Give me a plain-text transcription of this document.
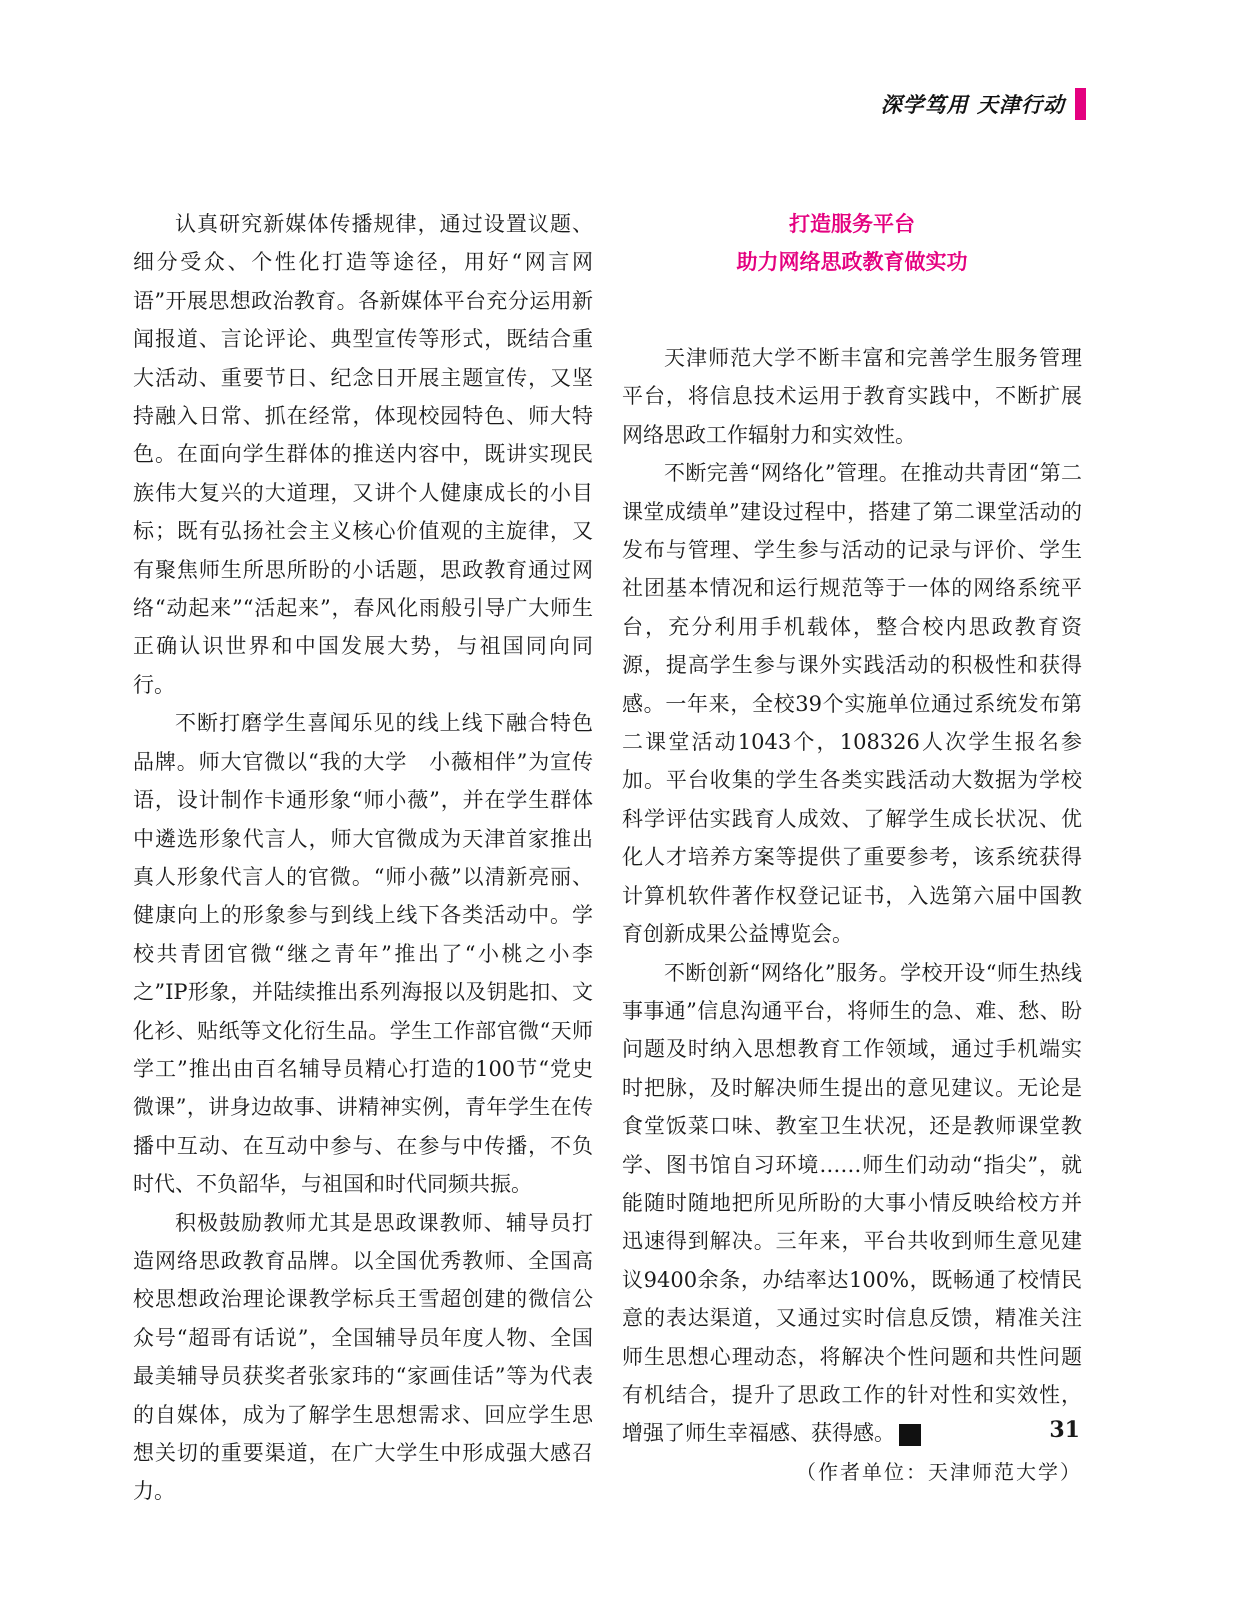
深学笃用 天津行动

认真研究新媒体传播规律，通过设置议题、细分受众、个性化打造等途径，用好“网言网语”开展思想政治教育。各新媒体平台充分运用新闻报道、言论评论、典型宣传等形式，既结合重大活动、重要节日、纪念日开展主题宣传，又坚持融入日常、抓在经常，体现校园特色、师大特色。在面向学生群体的推送内容中，既讲实现民族伟大复兴的大道理，又讲个人健康成长的小目标；既有弘扬社会主义核心价值观的主旋律，又有聚焦师生所思所盼的小话题，思政教育通过网络“动起来”“活起来”，春风化雨般引导广大师生正确认识世界和中国发展大势，与祖国同向同行。

不断打磨学生喜闻乐见的线上线下融合特色品牌。师大官微以“我的大学　小薇相伴”为宣传语，设计制作卡通形象“师小薇”，并在学生群体中遴选形象代言人，师大官微成为天津首家推出真人形象代言人的官微。“师小薇”以清新亮丽、健康向上的形象参与到线上线下各类活动中。学校共青团官微“继之青年”推出了“小桃之小李之”IP形象，并陆续推出系列海报以及钥匙扣、文化衫、贴纸等文化衍生品。学生工作部官微“天师学工”推出由百名辅导员精心打造的100节“党史微课”，讲身边故事、讲精神实例，青年学生在传播中互动、在互动中参与、在参与中传播，不负时代、不负韶华，与祖国和时代同频共振。

积极鼓励教师尤其是思政课教师、辅导员打造网络思政教育品牌。以全国优秀教师、全国高校思想政治理论课教学标兵王雪超创建的微信公众号“超哥有话说”，全国辅导员年度人物、全国最美辅导员获奖者张家玮的“家画佳话”等为代表的自媒体，成为了解学生思想需求、回应学生思想关切的重要渠道，在广大学生中形成强大感召力。

打造服务平台

助力网络思政教育做实功

天津师范大学不断丰富和完善学生服务管理平台，将信息技术运用于教育实践中，不断扩展网络思政工作辐射力和实效性。

不断完善“网络化”管理。在推动共青团“第二课堂成绩单”建设过程中，搭建了第二课堂活动的发布与管理、学生参与活动的记录与评价、学生社团基本情况和运行规范等于一体的网络系统平台，充分利用手机载体，整合校内思政教育资源，提高学生参与课外实践活动的积极性和获得感。一年来，全校39个实施单位通过系统发布第二课堂活动1043个，108326人次学生报名参加。平台收集的学生各类实践活动大数据为学校科学评估实践育人成效、了解学生成长状况、优化人才培养方案等提供了重要参考，该系统获得计算机软件著作权登记证书，入选第六届中国教育创新成果公益博览会。

不断创新“网络化”服务。学校开设“师生热线事事通”信息沟通平台，将师生的急、难、愁、盼问题及时纳入思想教育工作领域，通过手机端实时把脉，及时解决师生提出的意见建议。无论是食堂饭菜口味、教室卫生状况，还是教师课堂教学、图书馆自习环境……师生们动动“指尖”，就能随时随地把所见所盼的大事小情反映给校方并迅速得到解决。三年来，平台共收到师生意见建议9400余条，办结率达100%，既畅通了校情民意的表达渠道，又通过实时信息反馈，精准关注师生思想心理动态，将解决个性问题和共性问题有机结合，提升了思政工作的针对性和实效性，增强了师生幸福感、获得感。	政

（作者单位：天津师范大学）

31
